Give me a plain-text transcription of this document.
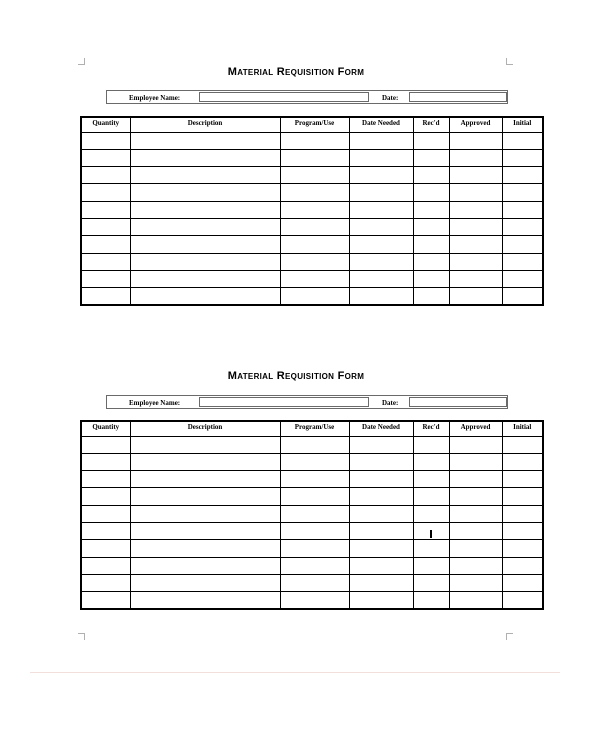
Material Requisition Form
Employee Name:	Date:
Quantity	Description	Program/Use	Date Needed	Rec'd	Approved	Initial

Material Requisition Form
Employee Name:	Date:
Quantity	Description	Program/Use	Date Needed	Rec'd	Approved	Initial
